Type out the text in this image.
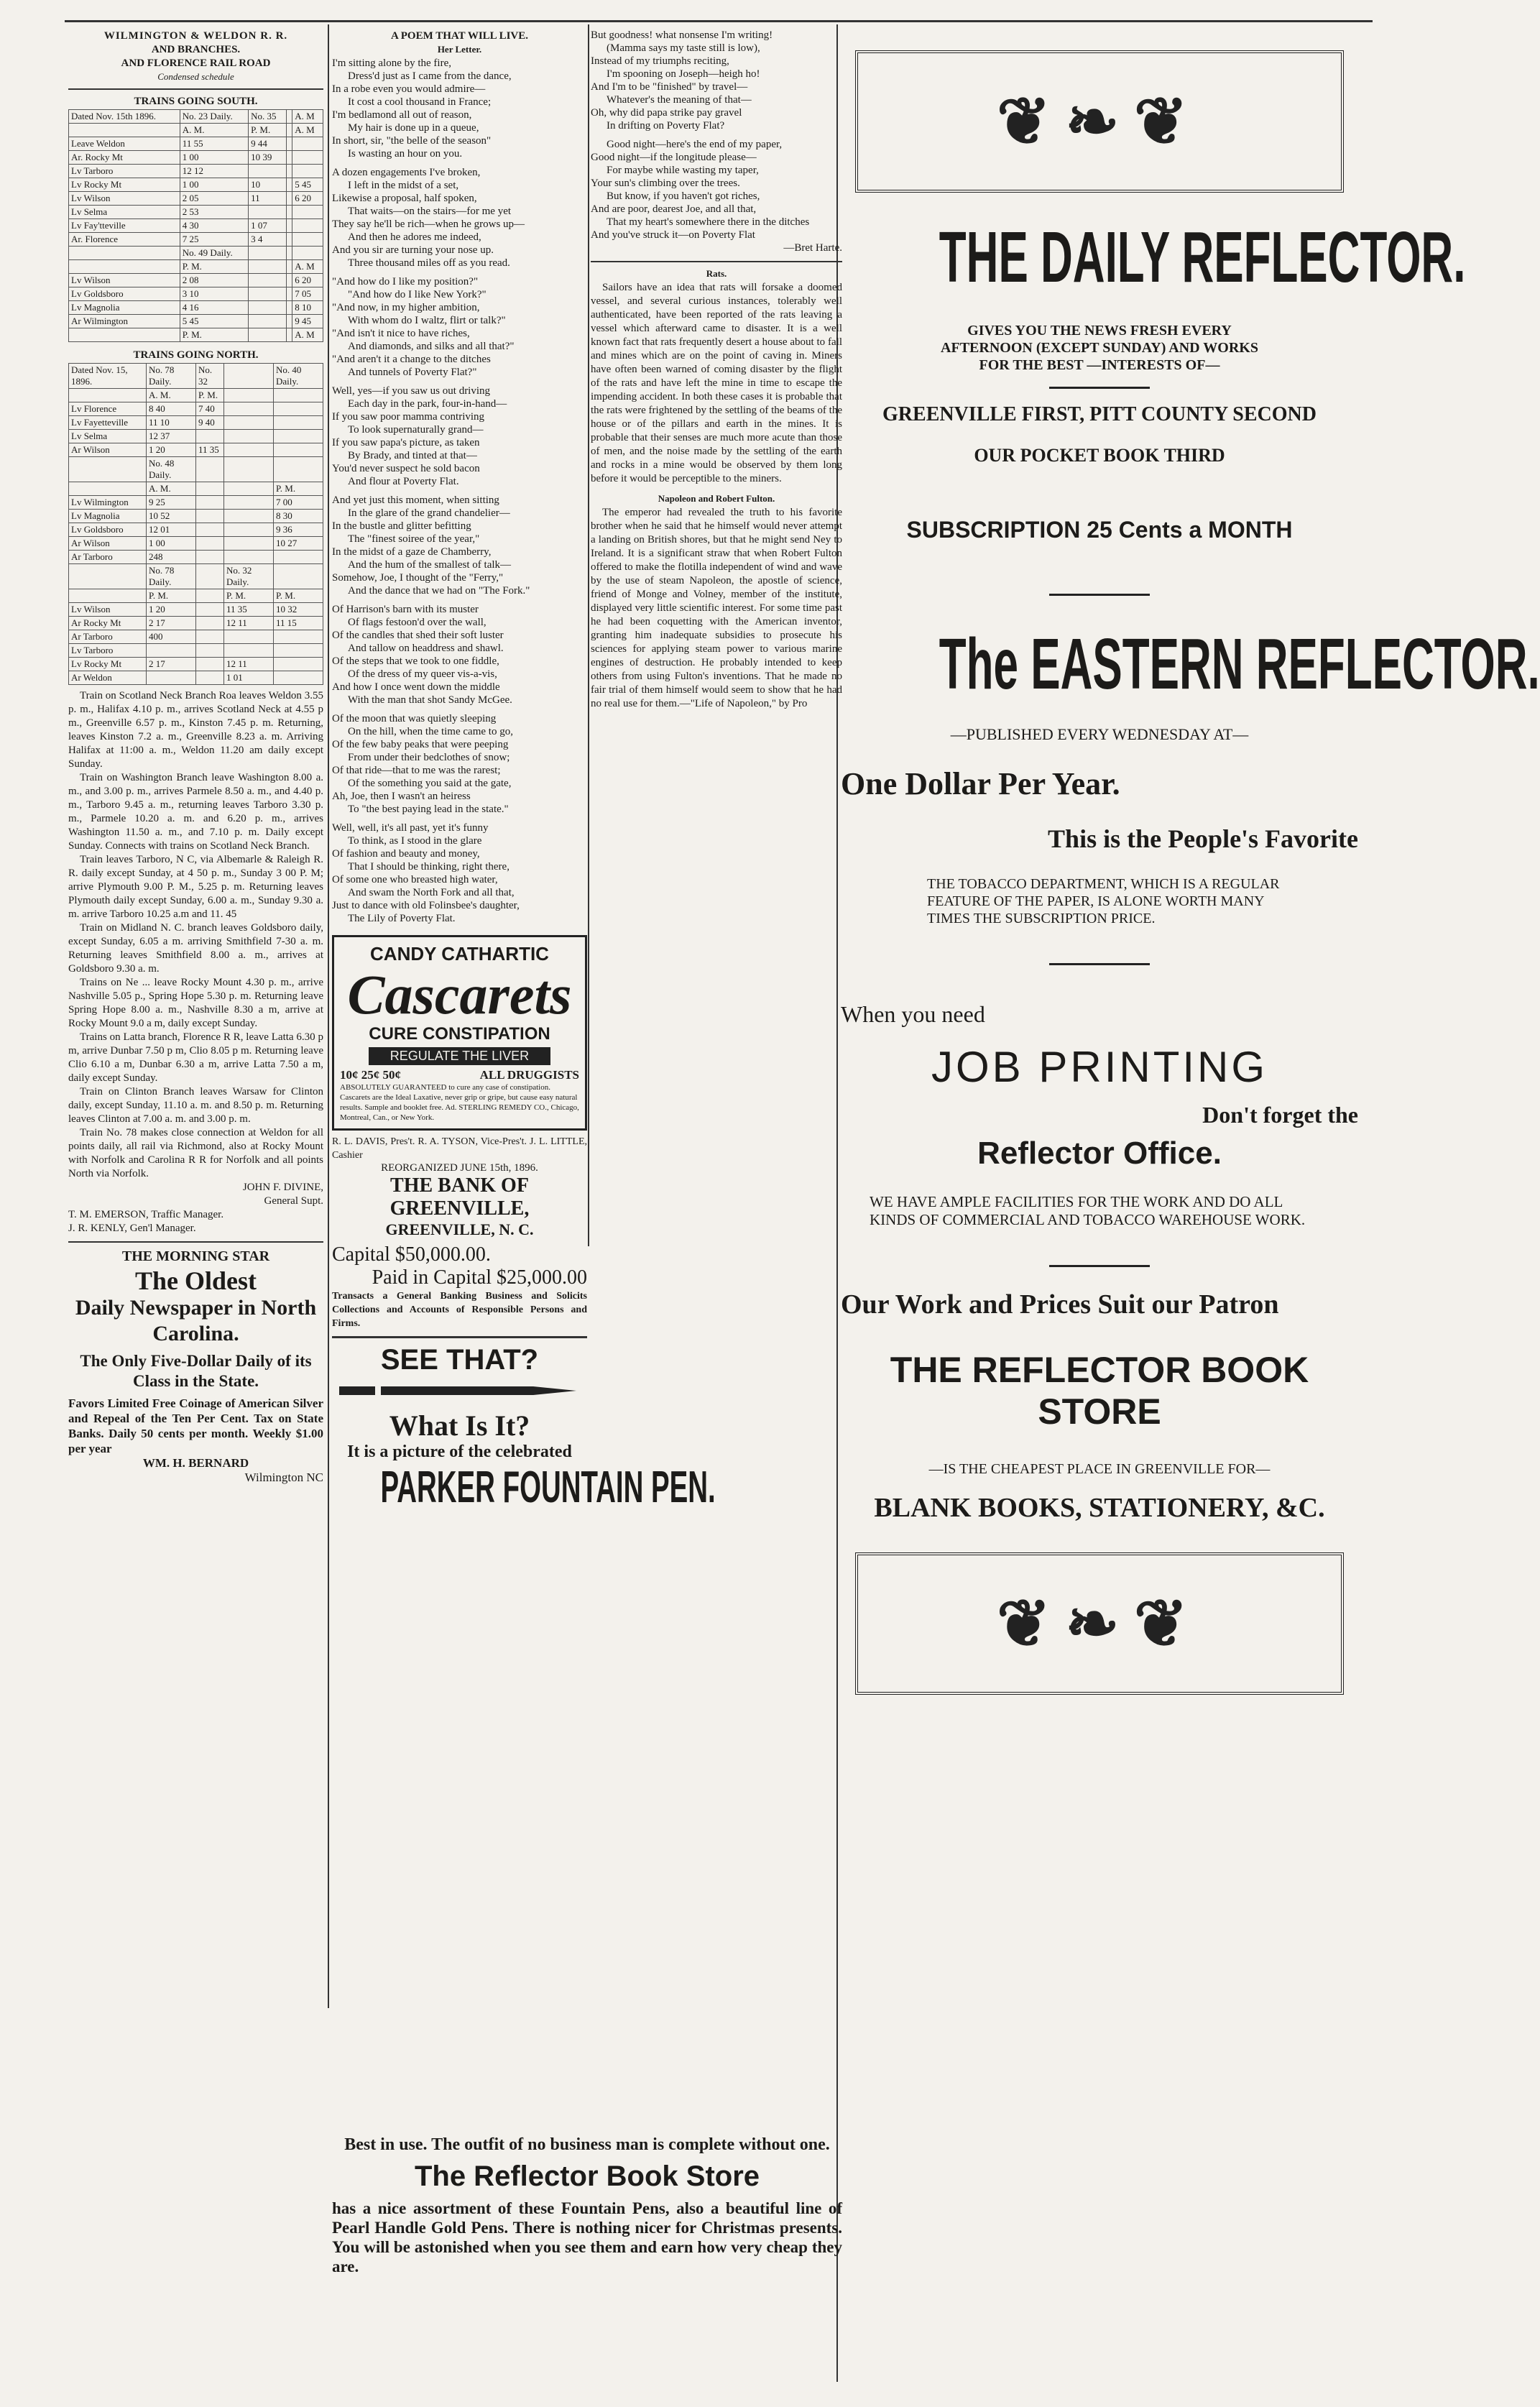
WILMINGTON & WELDON R. R.
AND BRANCHES.
AND FLORENCE RAIL ROAD
Condensed schedule
TRAINS GOING SOUTH.
Dated Nov. 15th 1896.	No. 23 Daily.	No. 35		A. M
	A. M.	P. M.		A. M
Leave Weldon	11 55	9 44		
Ar. Rocky Mt	1 00	10 39		
Lv Tarboro	12 12			
Lv Rocky Mt	1 00	10		5 45
Lv Wilson	2 05	11		6 20
Lv Selma	2 53			
Lv Fay'tteville	4 30	1 07		
Ar. Florence	7 25	3 4		
	No. 49 Daily.			
	P. M.			A. M
Lv Wilson	2 08			6 20
Lv Goldsboro	3 10			7 05
Lv Magnolia	4 16			8 10
Ar Wilmington	5 45			9 45
	P. M.			A. M
TRAINS GOING NORTH.
Dated Nov. 15, 1896.	No. 78 Daily.	No. 32		No. 40 Daily.
	A. M.	P. M.		
Lv Florence	8 40	7 40		
Lv Fayetteville	11 10	9 40		
Lv Selma	12 37			
Ar Wilson	1 20	11 35		
	No. 48 Daily.			
	A. M.			P. M.
Lv Wilmington	9 25			7 00
Lv Magnolia	10 52			8 30
Lv Goldsboro	12 01			9 36
Ar Wilson	1 00			10 27
Ar Tarboro	248			
	No. 78 Daily.		No. 32 Daily.	
	P. M.		P. M.	P. M.
Lv Wilson	1 20		11 35	10 32
Ar Rocky Mt	2 17		12 11	11 15
Ar Tarboro	400			
Lv Tarboro				
Lv Rocky Mt	2 17		12 11	
Ar Weldon			1 01	

Train on Scotland Neck Branch Roa leaves Weldon 3.55 p. m., Halifax 4.10 p. m., arrives Scotland Neck at 4.55 p m., Greenville 6.57 p. m., Kinston 7.45 p. m. Returning, leaves Kinston 7.2 a. m., Greenville 8.23 a. m. Arriving Halifax at 11:00 a. m., Weldon 11.20 am daily except Sunday.

Train on Washington Branch leave Washington 8.00 a. m., and 3.00 p. m., arrives Parmele 8.50 a. m., and 4.40 p. m., Tarboro 9.45 a. m., returning leaves Tarboro 3.30 p. m., Parmele 10.20 a. m. and 6.20 p. m., arrives Washington 11.50 a. m., and 7.10 p. m. Daily except Sunday. Connects with trains on Scotland Neck Branch.

Train leaves Tarboro, N C, via Albemarle & Raleigh R. R. daily except Sunday, at 4 50 p. m., Sunday 3 00 P. M; arrive Plymouth 9.00 P. M., 5.25 p. m. Returning leaves Plymouth daily except Sunday, 6.00 a. m., Sunday 9.30 a. m. arrive Tarboro 10.25 a.m and 11. 45

Train on Midland N. C. branch leaves Goldsboro daily, except Sunday, 6.05 a m. arriving Smithfield 7-30 a. m. Returning leaves Smithfield 8.00 a. m., arrives at Goldsboro 9.30 a. m.

Trains on Ne ... leave Rocky Mount 4.30 p. m., arrive Nashville 5.05 p., Spring Hope 5.30 p. m. Returning leave Spring Hope 8.00 a. m., Nashville 8.30 a m, arrive at Rocky Mount 9.0 a m, daily except Sunday.

Trains on Latta branch, Florence R R, leave Latta 6.30 p m, arrive Dunbar 7.50 p m, Clio 8.05 p m. Returning leave Clio 6.10 a m, Dunbar 6.30 a m, arrive Latta 7.50 a m, daily except Sunday.

Train on Clinton Branch leaves Warsaw for Clinton daily, except Sunday, 11.10 a. m. and 8.50 p. m. Returning leaves Clinton at 7.00 a. m. and 3.00 p. m.

Train No. 78 makes close connection at Weldon for all points daily, all rail via Richmond, also at Rocky Mount with Norfolk and Carolina R R for Norfolk and all points North via Norfolk.

JOHN F. DIVINE,
General Supt.
T. M. EMERSON, Traffic Manager.
J. R. KENLY, Gen'l Manager.
THE MORNING STAR
The Oldest
Daily Newspaper in North Carolina.
The Only Five-Dollar Daily of its Class in the State.
Favors Limited Free Coinage of American Silver and Repeal of the Ten Per Cent. Tax on State Banks. Daily 50 cents per month. Weekly $1.00 per year
WM. H. BERNARD
Wilmington NC
A POEM THAT WILL LIVE.
Her Letter.

I'm sitting alone by the fire,

Dress'd just as I came from the dance,

In a robe even you would admire—

It cost a cool thousand in France;

I'm bedlamond all out of reason,

My hair is done up in a queue,

In short, sir, "the belle of the season"

Is wasting an hour on you.

A dozen engagements I've broken,

I left in the midst of a set,

Likewise a proposal, half spoken,

That waits—on the stairs—for me yet

They say he'll be rich—when he grows up—

And then he adores me indeed,

And you sir are turning your nose up.

Three thousand miles off as you read.

"And how do I like my position?"

"And how do I like New York?"

"And now, in my higher ambition,

With whom do I waltz, flirt or talk?"

"And isn't it nice to have riches,

And diamonds, and silks and all that?"

"And aren't it a change to the ditches

And tunnels of Poverty Flat?"

Well, yes—if you saw us out driving

Each day in the park, four-in-hand—

If you saw poor mamma contriving

To look supernaturally grand—

If you saw papa's picture, as taken

By Brady, and tinted at that—

You'd never suspect he sold bacon

And flour at Poverty Flat.

And yet just this moment, when sitting

In the glare of the grand chandelier—

In the bustle and glitter befitting

The "finest soiree of the year,"

In the midst of a gaze de Chamberry,

And the hum of the smallest of talk—

Somehow, Joe, I thought of the "Ferry,"

And the dance that we had on "The Fork."

Of Harrison's barn with its muster

Of flags festoon'd over the wall,

Of the candles that shed their soft luster

And tallow on headdress and shawl.

Of the steps that we took to one fiddle,

Of the dress of my queer vis-a-vis,

And how I once went down the middle

With the man that shot Sandy McGee.

Of the moon that was quietly sleeping

On the hill, when the time came to go,

Of the few baby peaks that were peeping

From under their bedclothes of snow;

Of that ride—that to me was the rarest;

Of the something you said at the gate,

Ah, Joe, then I wasn't an heiress

To "the best paying lead in the state."

Well, well, it's all past, yet it's funny

To think, as I stood in the glare

Of fashion and beauty and money,

That I should be thinking, right there,

Of some one who breasted high water,

And swam the North Fork and all that,

Just to dance with old Folinsbee's daughter,

The Lily of Poverty Flat.

CANDY CATHARTIC
Cascarets
CURE CONSTIPATION
REGULATE THE LIVER
10¢ 25¢ 50¢	ALL DRUGGISTS
ABSOLUTELY GUARANTEED to cure any case of constipation. Cascarets are the Ideal Laxative, never grip or gripe, but cause easy natural results. Sample and booklet free. Ad. STERLING REMEDY CO., Chicago, Montreal, Can., or New York.
R. L. DAVIS, Pres't. R. A. TYSON, Vice-Pres't. J. L. LITTLE, Cashier
REORGANIZED JUNE 15th, 1896.
THE BANK OF GREENVILLE,
GREENVILLE, N. C.
Capital $50,000.00.
Paid in Capital $25,000.00
Transacts a General Banking Business and Solicits Collections and Accounts of Responsible Persons and Firms.
SEE THAT?
What Is It?
It is a picture of the celebrated
PARKER FOUNTAIN PEN.

But goodness! what nonsense I'm writing!

(Mamma says my taste still is low),

Instead of my triumphs reciting,

I'm spooning on Joseph—heigh ho!

And I'm to be "finished" by travel—

Whatever's the meaning of that—

Oh, why did papa strike pay gravel

In drifting on Poverty Flat?

Good night—here's the end of my paper,

Good night—if the longitude please—

For maybe while wasting my taper,

Your sun's climbing over the trees.

But know, if you haven't got riches,

And are poor, dearest Joe, and all that,

That my heart's somewhere there in the ditches

And you've struck it—on Poverty Flat

—Bret Harte.
Rats.

Sailors have an idea that rats will forsake a doomed vessel, and several curious instances, tolerably well authenticated, have been reported of the rats leaving a vessel which afterward came to disaster. It is a well known fact that rats frequently desert a house about to fall and mines which are on the point of caving in. Miners have often been warned of coming disaster by the flight of the rats and have left the mine in time to escape the impending accident. In both these cases it is probable that the rats were frightened by the settling of the beams of the house or of the pillars and earth in the mines. It is probable that their senses are much more acute than those of men, and the noise made by the settling of the earth and rocks in a mine would be observed by them long before it would be perceptible to the miners.

Napoleon and Robert Fulton.

The emperor had revealed the truth to his favorite brother when he said that he himself would never attempt a landing on British shores, but that he might send Ney to Ireland. It is a significant straw that when Robert Fulton offered to make the flotilla independent of wind and wave by the use of steam Napoleon, the apostle of science, friend of Monge and Volney, member of the institute, displayed very little scientific interest. For some time past he had been coquetting with the American inventor, granting him inadequate subsidies to prosecute his sciences for applying steam power to various marine engines of destruction. He probably intended to keep others from using Fulton's inventions. That he made no fair trial of them himself would seem to show that he had no real use for them.—"Life of Napoleon," by Pro

Best in use. The outfit of no business man is complete without one.
The Reflector Book Store
has a nice assortment of these Fountain Pens, also a beautiful line of Pearl Handle Gold Pens. There is nothing nicer for Christmas presents. You will be astonished when you see them and earn how very cheap they are.
❦❧❦
THE DAILY REFLECTOR.
GIVES YOU THE NEWS FRESH EVERY AFTERNOON (EXCEPT SUNDAY) AND WORKS FOR THE BEST —INTERESTS OF—
GREENVILLE FIRST, PITT COUNTY SECOND
OUR POCKET BOOK THIRD
SUBSCRIPTION 25 Cents a MONTH
The EASTERN REFLECTOR.
—PUBLISHED EVERY WEDNESDAY AT—
One Dollar Per Year.
This is the People's Favorite
THE TOBACCO DEPARTMENT, WHICH IS A REGULAR FEATURE OF THE PAPER, IS ALONE WORTH MANY TIMES THE SUBSCRIPTION PRICE.
When you need
JOB PRINTING
Don't forget the
Reflector Office.
WE HAVE AMPLE FACILITIES FOR THE WORK AND DO ALL KINDS OF COMMERCIAL AND TOBACCO WAREHOUSE WORK.
Our Work and Prices Suit our Patron
THE REFLECTOR BOOK STORE
—IS THE CHEAPEST PLACE IN GREENVILLE FOR—
BLANK BOOKS, STATIONERY, &C.
❦❧❦
